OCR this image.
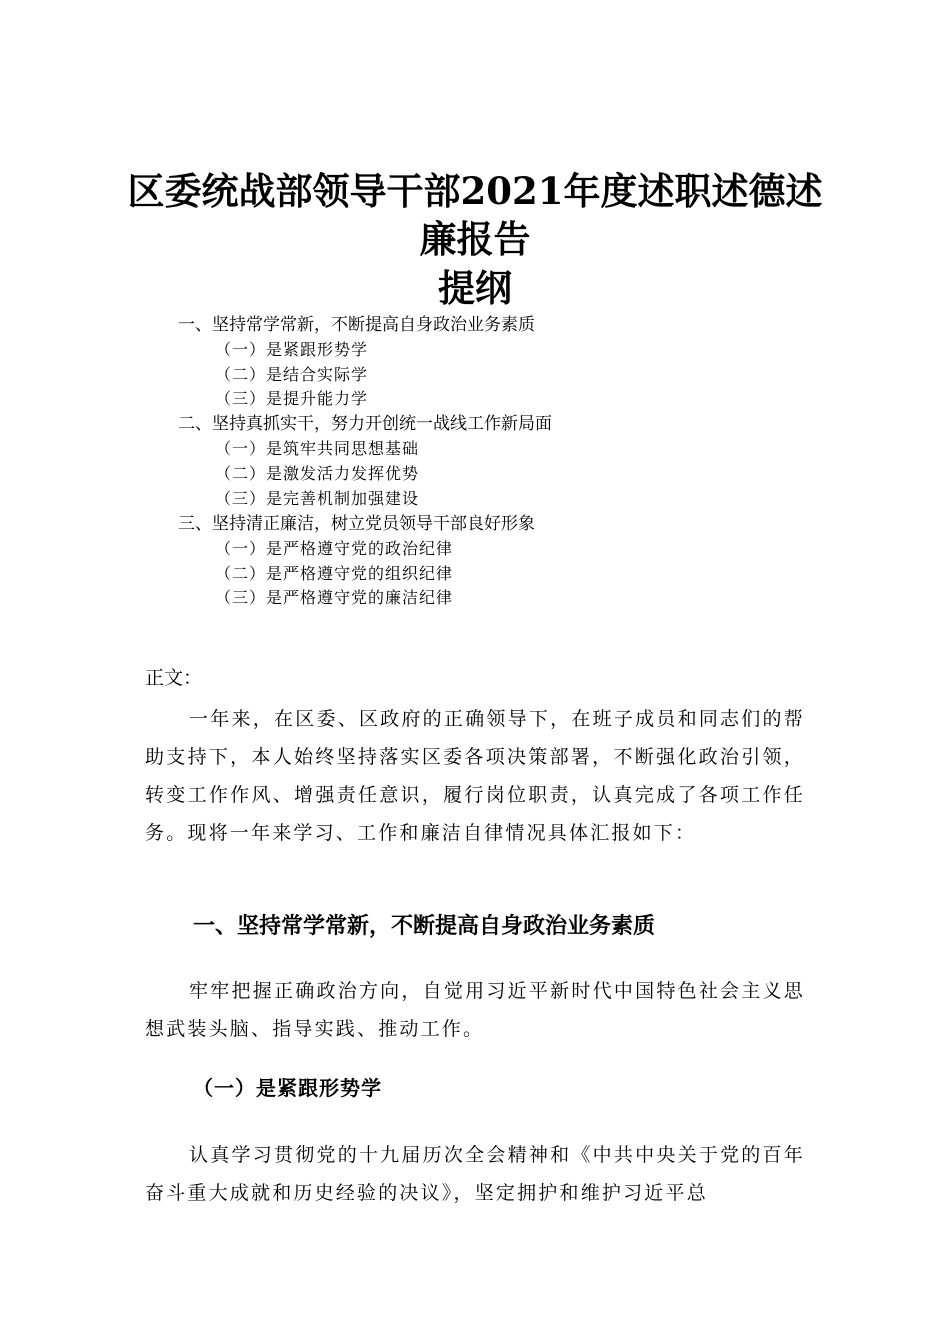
区委统战部领导干部2021年度述职述德述
廉报告
提纲
一、坚持常学常新，不断提高自身政治业务素质
（一）是紧跟形势学
（二）是结合实际学
（三）是提升能力学
二、坚持真抓实干，努力开创统一战线工作新局面
（一）是筑牢共同思想基础
（二）是激发活力发挥优势
（三）是完善机制加强建设
三、坚持清正廉洁，树立党员领导干部良好形象
（一）是严格遵守党的政治纪律
（二）是严格遵守党的组织纪律
（三）是严格遵守党的廉洁纪律
正文：

一年来，在区委、区政府的正确领导下，在班子成员和同志们的帮助支持下，本人始终坚持落实区委各项决策部署，不断强化政治引领，转变工作作风、增强责任意识，履行岗位职责，认真完成了各项工作任务。现将一年来学习、工作和廉洁自律情况具体汇报如下：

一、坚持常学常新，不断提高自身政治业务素质

牢牢把握正确政治方向，自觉用习近平新时代中国特色社会主义思想武装头脑、指导实践、推动工作。

（一）是紧跟形势学

认真学习贯彻党的十九届历次全会精神和《中共中央关于党的百年奋斗重大成就和历史经验的决议》，坚定拥护和维护习近平总
